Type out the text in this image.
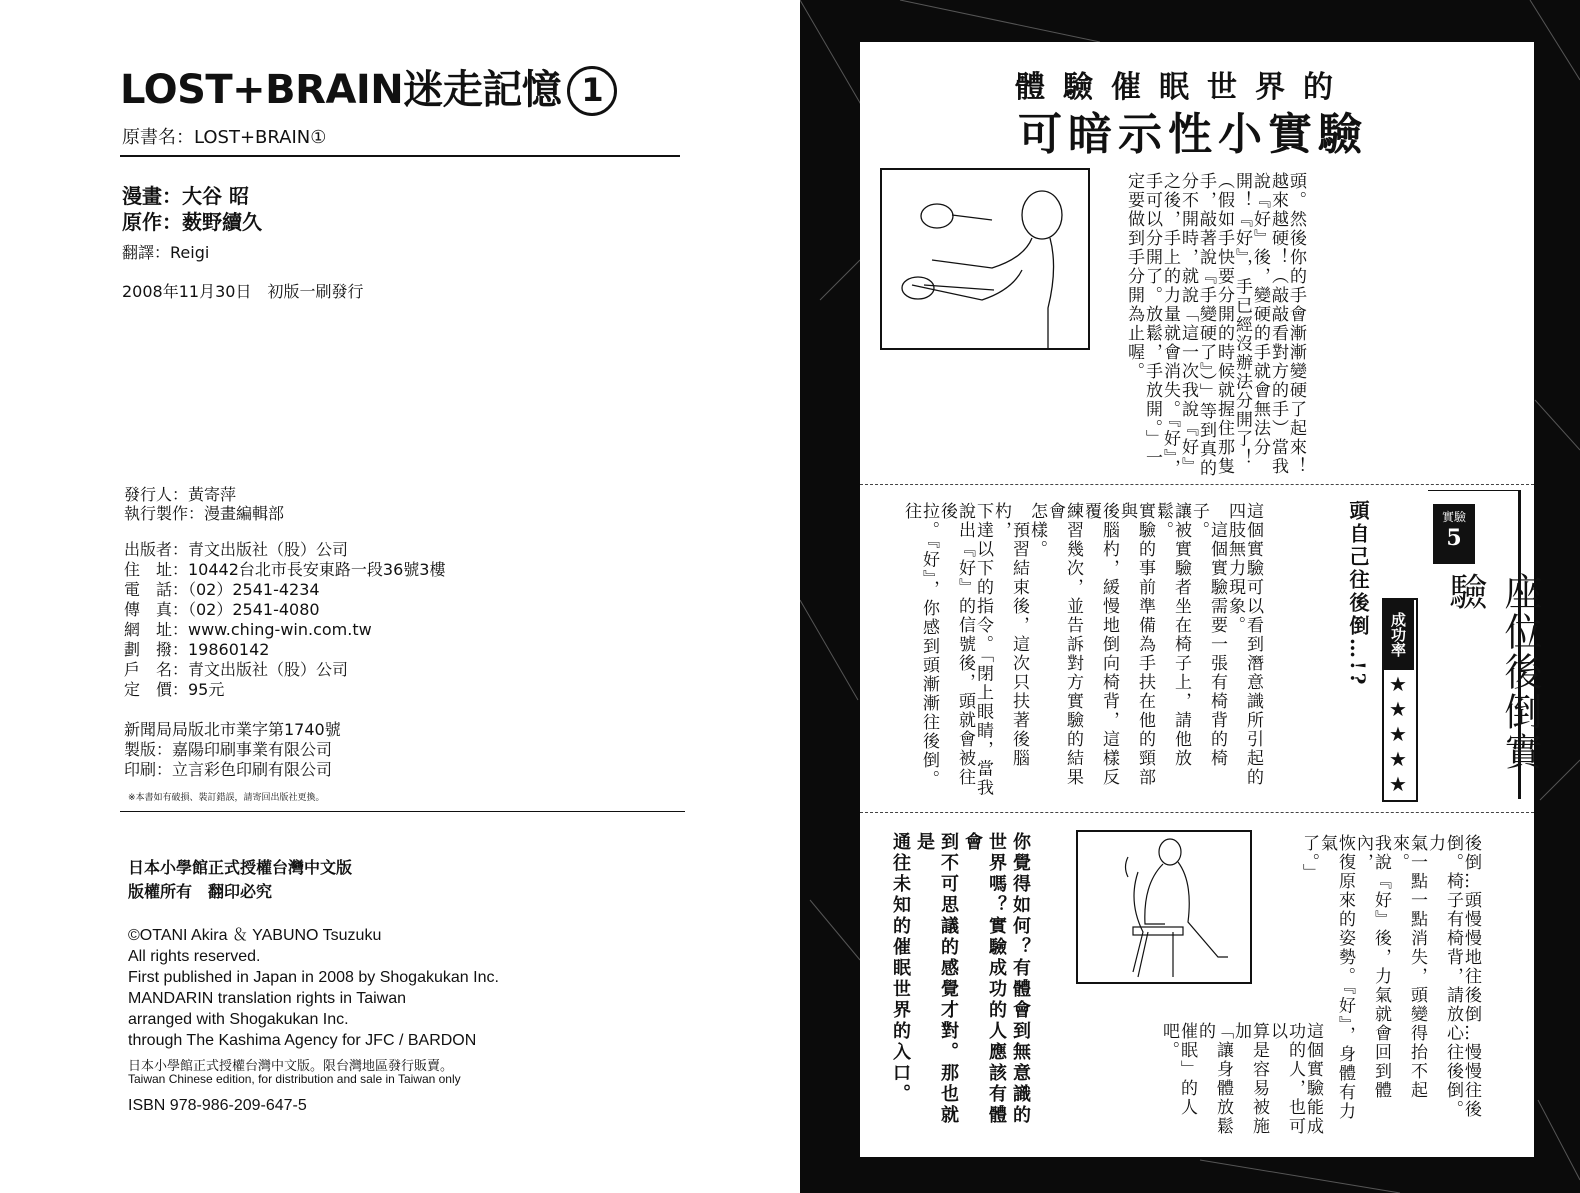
LOST+BRAIN迷走記憶 1
原書名：LOST+BRAIN①
漫畫：大谷 昭
原作：薮野續久
翻譯：Reigi
2008年11月30日　初版一刷發行
發行人：黃寄萍
執行製作：漫畫編輯部
出版者：青文出版社（股）公司
住　址：10442台北市長安東路一段36號3樓
電　話：（02）2541-4234
傳　真：（02）2541-4080
網　址：www.ching-win.com.tw
劃　撥：19860142
戶　名：青文出版社（股）公司
定　價：95元
新聞局局版北市業字第1740號
製版：嘉陽印刷事業有限公司
印刷：立言彩色印刷有限公司
※本書如有破損、裝訂錯誤，請寄回出版社更換。
日本小學館正式授權台灣中文版
版權所有　翻印必究
©OTANI Akira ＆ YABUNO Tsuzuku
All rights reserved.
First published in Japan in 2008 by Shogakukan Inc.
MANDARIN translation rights in Taiwan
arranged with Shogakukan Inc.
through The Kashima Agency for JFC / BARDON
日本小學館正式授權台灣中文版。限台灣地區發行販賣。
Taiwan Chinese edition, for distribution and sale in Taiwan only
ISBN 978-986-209-647-5
體驗催眠世界的
可暗示性小實驗
頭。然後你的手會漸漸變硬了起來！
越來越硬！（敲敲看對方的手）當我
說『好』後，變硬的手就會無法分
開！『好』，手已經沒辦法分開了！
（假如手快要分開的時候就握住那隻
手，敲著說『手變硬了』）」等到真的
分不開時，就說「這一次我說『好』
之後，手上的力量就會消失。『好』，
手可以分開了。放鬆，手放開。」一
定要做到手分開為止喔。
實驗
5
座位後倒實驗
成功率
★★★★★
頭自己往後倒…!?
這個實驗可以看到潛意識所引起的
四肢無力現象。
　這個實驗需要一張有椅背的椅子。
讓被實驗者坐在椅子上，請他放鬆。
實驗的事前準備為手扶在他的頸部與
後腦杓，緩慢地倒向椅背，這樣反覆
練習幾次，並告訴對方實驗的結果會
怎樣。
　預習結束後，這次只扶著後腦杓，
下達以下的指令。「閉上眼睛，當我
說出『好』的信號後，頭就會被往後
拉。『好』，你感到頭漸漸往後倒。往
後倒…頭慢慢地往後倒…慢慢往後
倒。椅子有椅背，請放心往後倒。力
氣一點一點消失，頭變得抬不起來。
我說『好』後，力氣就會回到體內，
恢復原來的姿勢。『好』，身體有力氣
了。」
這個實驗能成
功的人，也可以
算是容易被施加
「讓身體放鬆的
催眠」的人吧。
你覺得如何？有體會到無意識的
世界嗎？實驗成功的人應該有體會
到不可思議的感覺才對。那也就是
通往未知的催眠世界的入口。
